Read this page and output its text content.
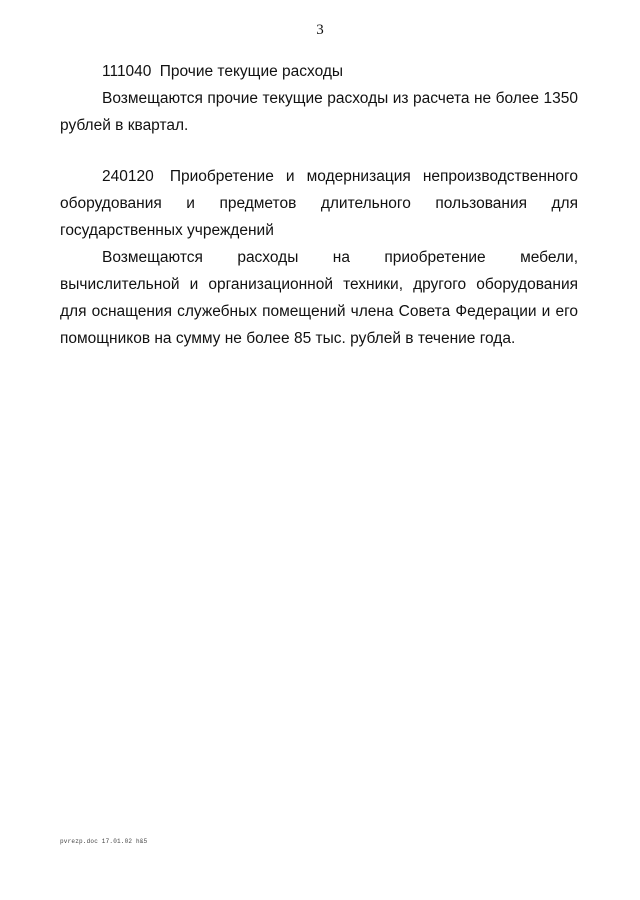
3

111040 Прочие текущие расходы

Возмещаются прочие текущие расходы из расчета не более 1350 рублей в квартал.

240120 Приобретение и модернизация непроизводственного оборудования и предметов длительного пользования для государственных учреждений

Возмещаются расходы на приобретение мебели, вычислительной и организационной техники, другого оборудования для оснащения служебных помещений члена Совета Федерации и его помощников на сумму не более 85 тыс. рублей в течение года.

pvrezp.doc 17.01.02 h&5
